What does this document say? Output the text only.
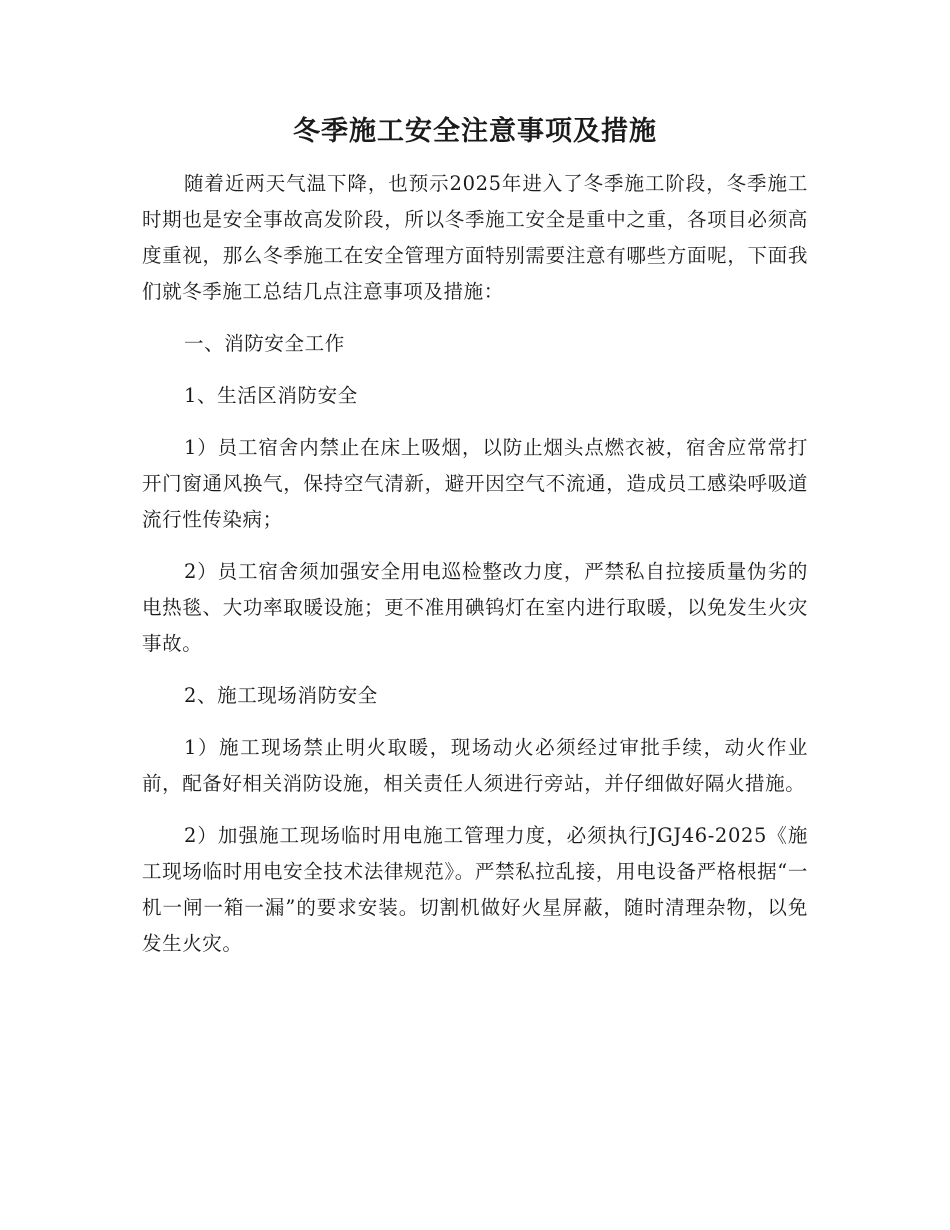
冬季施工安全注意事项及措施

随着近两天气温下降，也预示2025年进入了冬季施工阶段，冬季施工时期也是安全事故高发阶段，所以冬季施工安全是重中之重，各项目必须高度重视，那么冬季施工在安全管理方面特别需要注意有哪些方面呢，下面我们就冬季施工总结几点注意事项及措施：

一、消防安全工作

1、生活区消防安全

1）员工宿舍内禁止在床上吸烟，以防止烟头点燃衣被，宿舍应常常打开门窗通风换气，保持空气清新，避开因空气不流通，造成员工感染呼吸道流行性传染病；

2）员工宿舍须加强安全用电巡检整改力度，严禁私自拉接质量伪劣的电热毯、大功率取暖设施；更不准用碘钨灯在室内进行取暖，以免发生火灾事故。

2、施工现场消防安全

1）施工现场禁止明火取暖，现场动火必须经过审批手续，动火作业前，配备好相关消防设施，相关责任人须进行旁站，并仔细做好隔火措施。

2）加强施工现场临时用电施工管理力度，必须执行JGJ46-2025《施工现场临时用电安全技术法律规范》。严禁私拉乱接，用电设备严格根据“一机一闸一箱一漏”的要求安装。切割机做好火星屏蔽，随时清理杂物，以免发生火灾。
